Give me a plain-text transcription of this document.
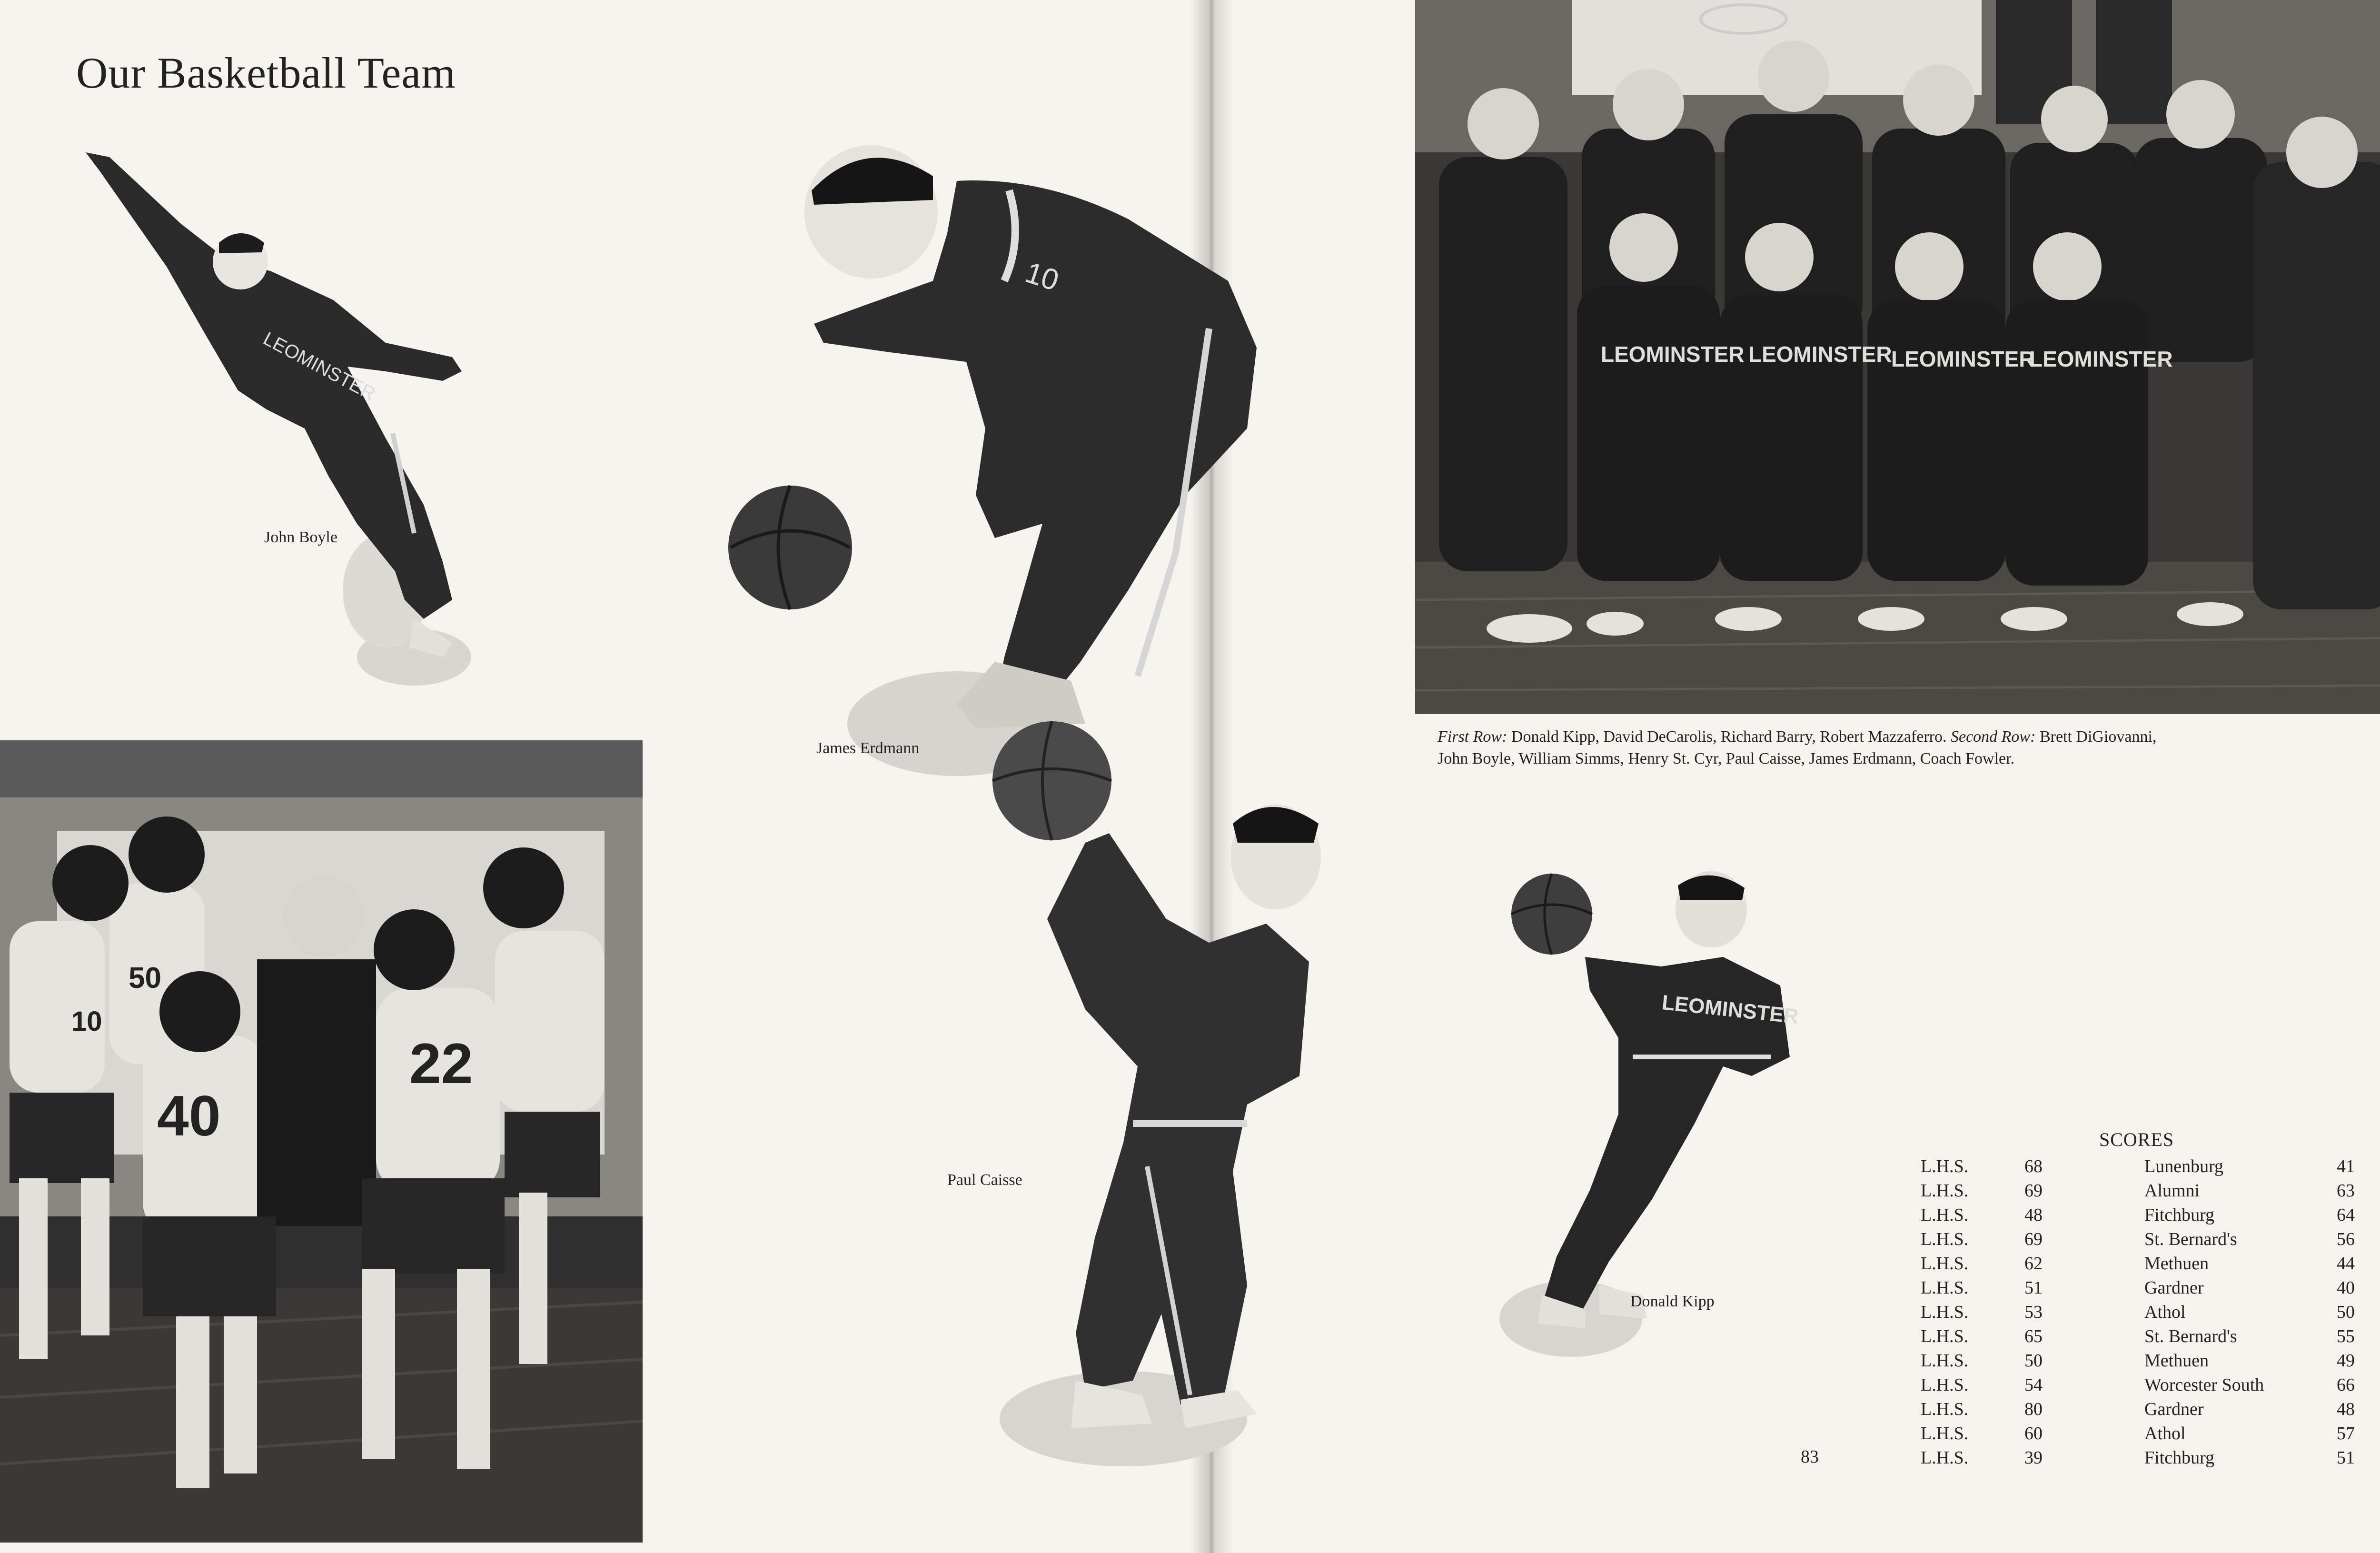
Our Basketball Team
LEOMINSTER
John Boyle
10
James Erdmann
Paul Caisse
40
22
10
50
LEOMINSTER LEOMINSTER
LEOMINSTER
LEOMINSTER
First Row: Donald Kipp, David DeCarolis, Richard Barry, Robert Mazzaferro. Second Row: Brett DiGiovanni, John Boyle, William Simms, Henry St. Cyr, Paul Caisse, James Erdmann, Coach Fowler.
LEOMINSTER
Donald Kipp
SCORES
L.H.S.	68	Lunenburg	41
L.H.S.	69	Alumni	63
L.H.S.	48	Fitchburg	64
L.H.S.	69	St. Bernard's	56
L.H.S.	62	Methuen	44
L.H.S.	51	Gardner	40
L.H.S.	53	Athol	50
L.H.S.	65	St. Bernard's	55
L.H.S.	50	Methuen	49
L.H.S.	54	Worcester South	66
L.H.S.	80	Gardner	48
L.H.S.	60	Athol	57
L.H.S.	39	Fitchburg	51
83
